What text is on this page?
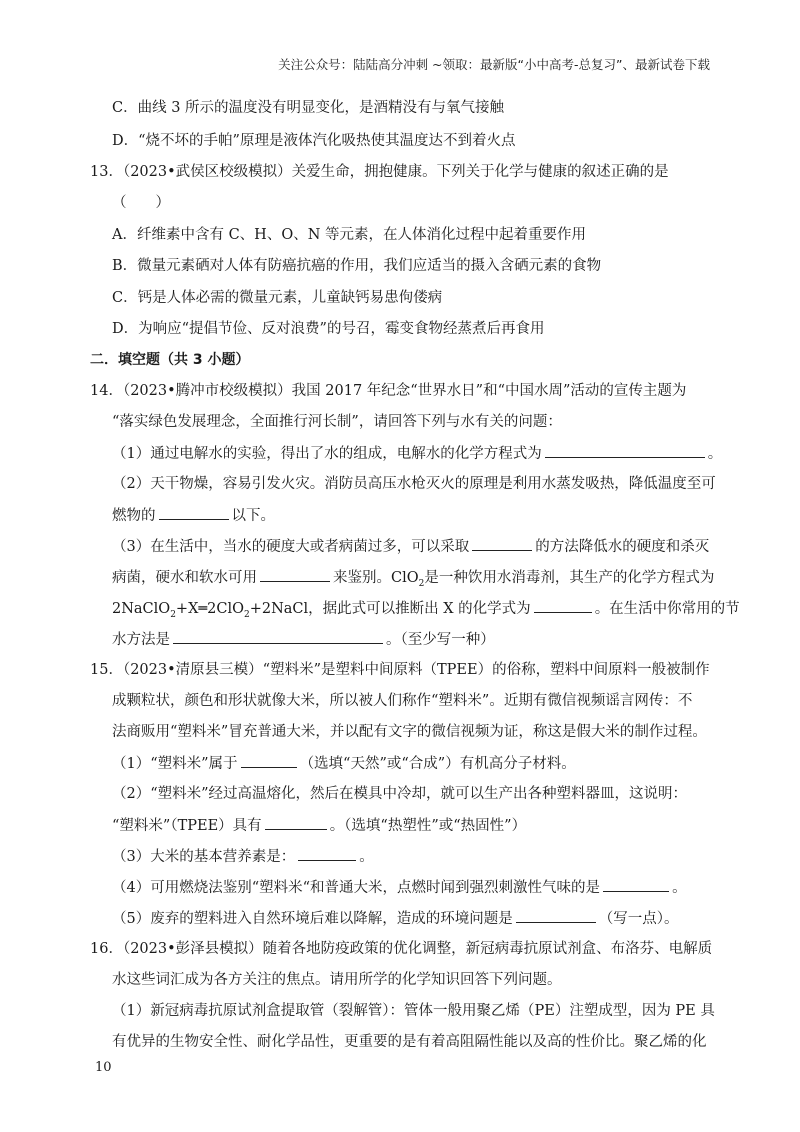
关注公众号：陆陆高分冲刺 ~领取：最新版“小中高考-总复习”、最新试卷下载
C．曲线 3 所示的温度没有明显变化，是酒精没有与氧气接触
D．“烧不坏的手帕”原理是液体汽化吸热使其温度达不到着火点
13．（2023•武侯区校级模拟）关爱生命，拥抱健康。下列关于化学与健康的叙述正确的是
（　　）
A．纤维素中含有 C、H、O、N 等元素，在人体消化过程中起着重要作用
B．微量元素硒对人体有防癌抗癌的作用，我们应适当的摄入含硒元素的食物
C．钙是人体必需的微量元素，儿童缺钙易患佝偻病
D．为响应“提倡节俭、反对浪费”的号召，霉变食物经蒸煮后再食用
二．填空题（共 3 小题）
14．（2023•腾冲市校级模拟）我国 2017 年纪念“世界水日”和“中国水周”活动的宣传主题为
“落实绿色发展理念，全面推行河长制”，请回答下列与水有关的问题：
（1）通过电解水的实验，得出了水的组成，电解水的化学方程式为	。
（2）天干物燥，容易引发火灾。消防员高压水枪灭火的原理是利用水蒸发吸热，降低温度至可
燃物的	以下。
（3）在生活中，当水的硬度大或者病菌过多，可以采取	的方法降低水的硬度和杀灭
病菌，硬水和软水可用	来鉴别。ClO$_2$是一种饮用水消毒剂，其生产的化学方程式为
2NaClO$_2$+X═2ClO$_2$+2NaCl，据此式可以推断出 X 的化学式为	。在生活中你常用的节
水方法是	。（至少写一种）
15．（2023•清原县三模）“塑料米”是塑料中间原料（TPEE）的俗称，塑料中间原料一般被制作
成颗粒状，颜色和形状就像大米，所以被人们称作“塑料米”。近期有微信视频谣言网传：不
法商贩用“塑料米”冒充普通大米，并以配有文字的微信视频为证，称这是假大米的制作过程。
（1）“塑料米”属于	（选填“天然”或“合成”）有机高分子材料。
（2）“塑料米”经过高温熔化，然后在模具中冷却，就可以生产出各种塑料器皿，这说明：
“塑料米”（TPEE）具有	。（选填“热塑性”或“热固性”）
（3）大米的基本营养素是：	。
（4）可用燃烧法鉴别“塑料米“和普通大米，点燃时闻到强烈刺激性气味的是	。
（5）废弃的塑料进入自然环境后难以降解，造成的环境问题是	（写一点）。
16．（2023•彭泽县模拟）随着各地防疫政策的优化调整，新冠病毒抗原试剂盒、布洛芬、电解质
水这些词汇成为各方关注的焦点。请用所学的化学知识回答下列问题。
（1）新冠病毒抗原试剂盒提取管（裂解管）：管体一般用聚乙烯（PE）注塑成型，因为 PE 具
有优异的生物安全性、耐化学品性，更重要的是有着高阻隔性能以及高的性价比。聚乙烯的化
10
